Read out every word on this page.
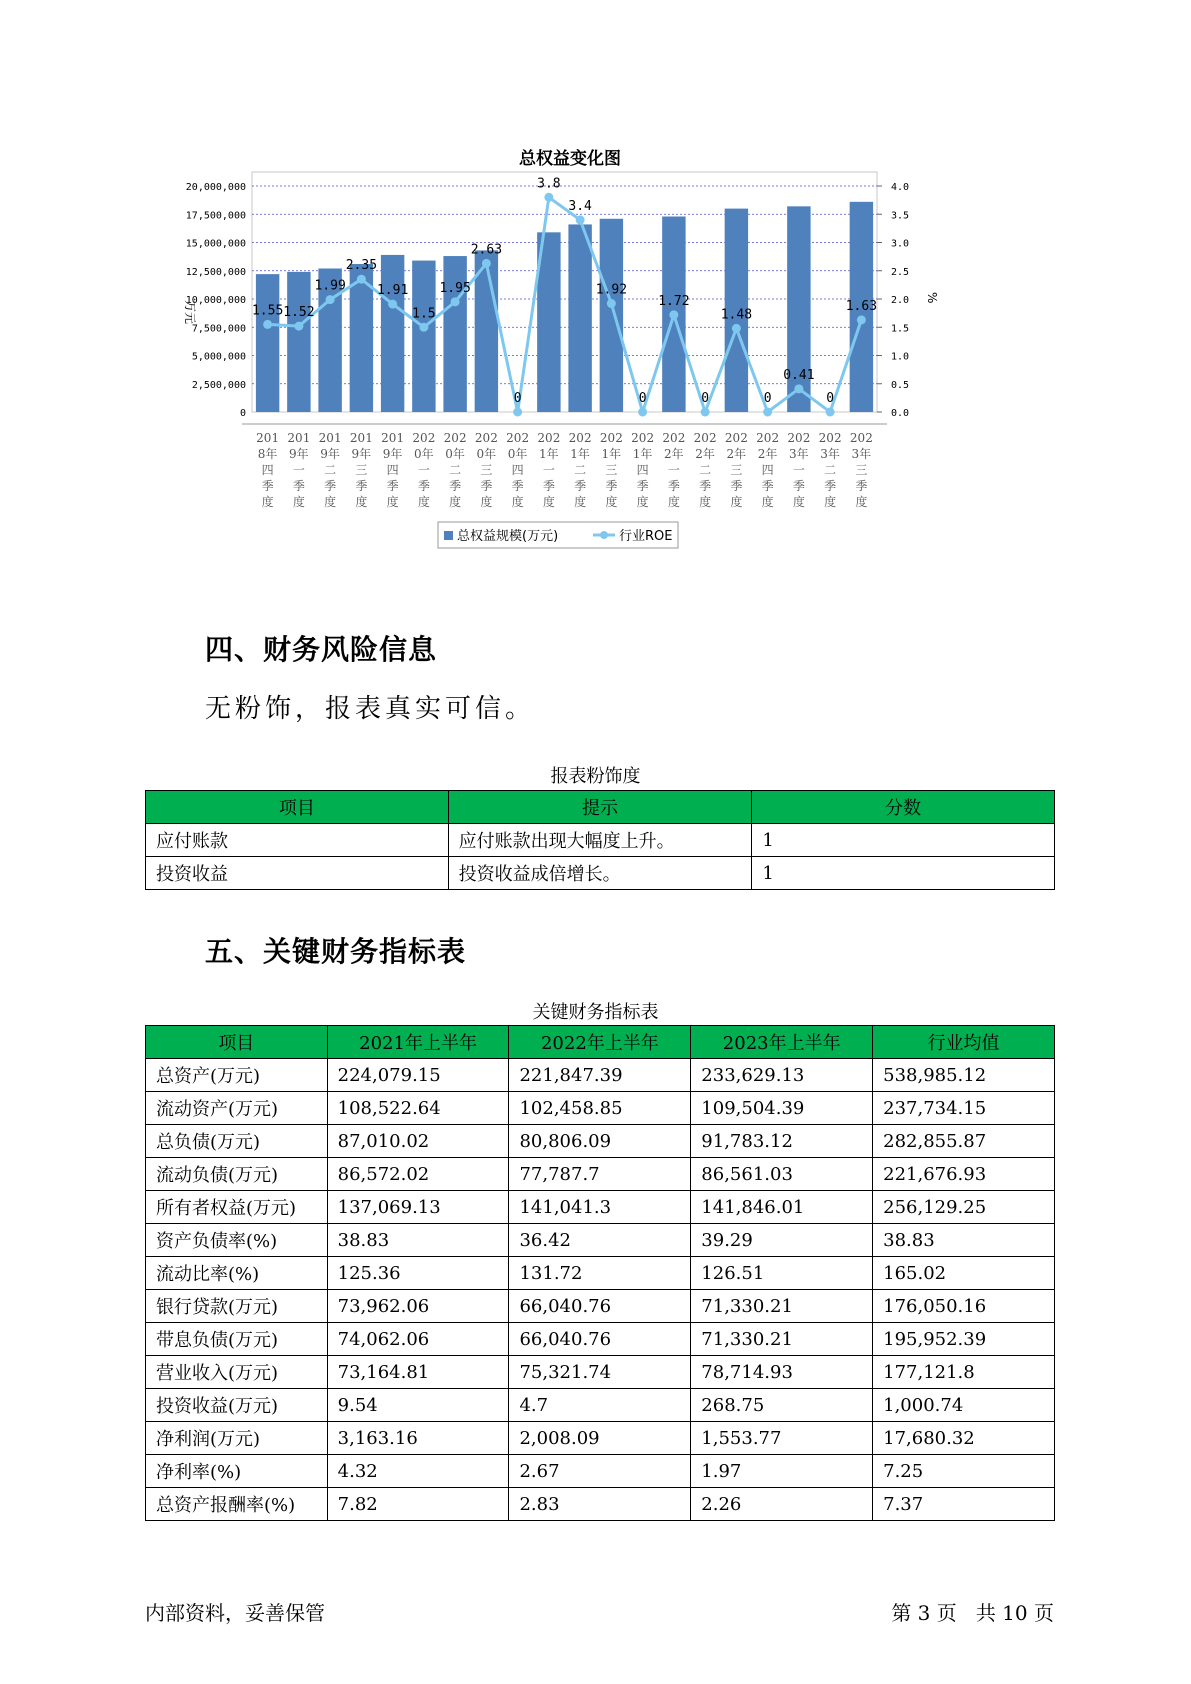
总权益变化图
0
2,500,000
5,000,000
7,500,000
10,000,000
12,500,000
15,000,000
17,500,000
20,000,000
0.0
0.5
1.0
1.5
2.0
2.5
3.0
3.5
4.0
万元
%
1.55 1.52
1.99
2.35
1.91
1.5
1.95
2.63
0
3.8
3.4
1.92
0
1.72
0
1.48
0
0.41
0
1.63
201
8年
四
季
度
201
9年
一
季
度
201
9年
二
季
度
201
9年
三
季
度
201
9年
四
季
度
202
0年
一
季
度
202
0年
二
季
度
202
0年
三
季
度
202
0年
四
季
度
202
1年
一
季
度
202
1年
二
季
度
202
1年
三
季
度
202
1年
四
季
度
202
2年
一
季
度
202
2年
二
季
度
202
2年
三
季
度
202
2年
四
季
度
202
3年
一
季
度
202
3年
二
季
度
202
3年
三
季
度
总权益规模(万元)	行业ROE
四、财务风险信息
无粉饰，报表真实可信。
报表粉饰度
项目	提示	分数
应付账款	应付账款出现大幅度上升。	1
投资收益	投资收益成倍增长。	1
五、关键财务指标表
关键财务指标表
项目	2021年上半年	2022年上半年	2023年上半年	行业均值
总资产(万元)	224,079.15	221,847.39	233,629.13	538,985.12
流动资产(万元)	108,522.64	102,458.85	109,504.39	237,734.15
总负债(万元)	87,010.02	80,806.09	91,783.12	282,855.87
流动负债(万元)	86,572.02	77,787.7	86,561.03	221,676.93
所有者权益(万元)	137,069.13	141,041.3	141,846.01	256,129.25
资产负债率(%)	38.83	36.42	39.29	38.83
流动比率(%)	125.36	131.72	126.51	165.02
银行贷款(万元)	73,962.06	66,040.76	71,330.21	176,050.16
带息负债(万元)	74,062.06	66,040.76	71,330.21	195,952.39
营业收入(万元)	73,164.81	75,321.74	78,714.93	177,121.8
投资收益(万元)	9.54	4.7	268.75	1,000.74
净利润(万元)	3,163.16	2,008.09	1,553.77	17,680.32
净利率(%)	4.32	2.67	1.97	7.25
总资产报酬率(%)	7.82	2.83	2.26	7.37
内部资料，妥善保管	第 3 页   共 10 页
